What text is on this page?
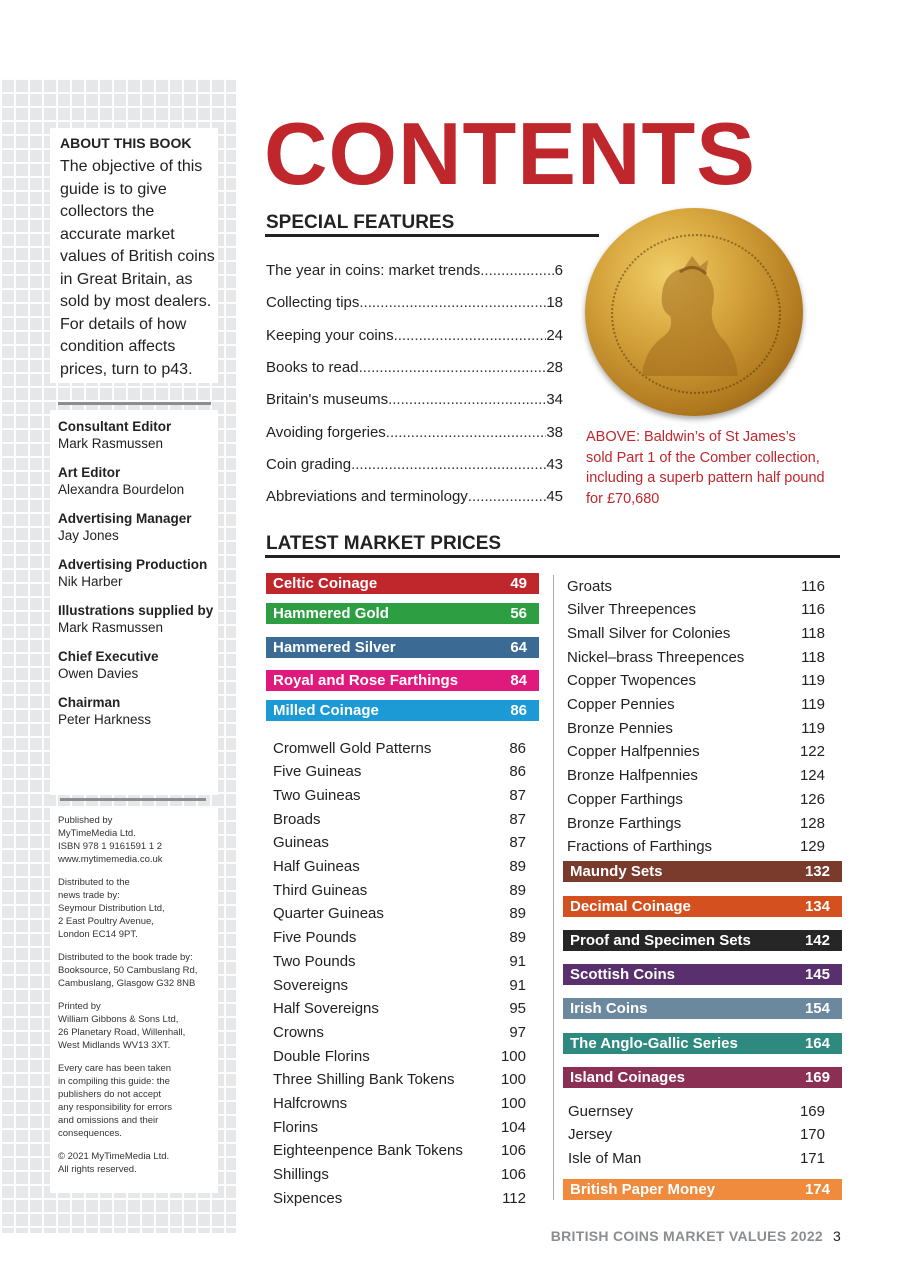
ABOUT THIS BOOK

The objective of this guide is to give collectors the accurate market values of British coins in Great Britain, as sold by most dealers. For details of how condition affects prices, turn to p43.

Consultant Editor
Mark Rasmussen
Art Editor
Alexandra Bourdelon
Advertising Manager
Jay Jones
Advertising Production
Nik Harber
Illustrations supplied by
Mark Rasmussen
Chief Executive
Owen Davies
Chairman
Peter Harkness

Published by
MyTimeMedia Ltd.
ISBN 978 1 9161591 1 2
www.mytimemedia.co.uk

Distributed to the
news trade by:
Seymour Distribution Ltd,
2 East Poultry Avenue,
London EC14 9PT.

Distributed to the book trade by:
Booksource, 50 Cambuslang Rd,
Cambuslang, Glasgow G32 8NB

Printed by
William Gibbons & Sons Ltd,
26 Planetary Road, Willenhall,
West Midlands WV13 3XT.

Every care has been taken
in compiling this guide: the
publishers do not accept
any responsibility for errors
and omissions and their
consequences.

© 2021 MyTimeMedia Ltd.
All rights reserved.

CONTENTS
SPECIAL FEATURES
The year in coins: market trends .....	6
Collecting tips .....	18
Keeping your coins .....	24
Books to read .....	28
Britain's museums .....	34
Avoiding forgeries .....	38
Coin grading .....	43
Abbreviations and terminology .....	45

ABOVE: Baldwin’s of St James’s sold Part 1 of the Comber collection, including a superb pattern half pound for £70,680

LATEST MARKET PRICES
Celtic Coinage	49
Hammered Gold	56
Hammered Silver	64
Royal and Rose Farthings	84
Milled Coinage	86
Cromwell Gold Patterns	86
Five Guineas	86
Two Guineas	87
Broads	87
Guineas	87
Half Guineas	89
Third Guineas	89
Quarter Guineas	89
Five Pounds	89
Two Pounds	91
Sovereigns	91
Half Sovereigns	95
Crowns	97
Double Florins	100
Three Shilling Bank Tokens	100
Halfcrowns	100
Florins	104
Eighteenpence Bank Tokens	106
Shillings	106
Sixpences	112
Groats	116
Silver Threepences	116
Small Silver for Colonies	118
Nickel–brass Threepences	118
Copper Twopences	119
Copper Pennies	119
Bronze Pennies	119
Copper Halfpennies	122
Bronze Halfpennies	124
Copper Farthings	126
Bronze Farthings	128
Fractions of Farthings	129
Maundy Sets	132
Decimal Coinage	134
Proof and Specimen Sets	142
Scottish Coins	145
Irish Coins	154
The Anglo-Gallic Series	164
Island Coinages	169
Guernsey	169
Jersey	170
Isle of Man	171
British Paper Money	174
BRITISH COINS MARKET VALUES 2022 3
